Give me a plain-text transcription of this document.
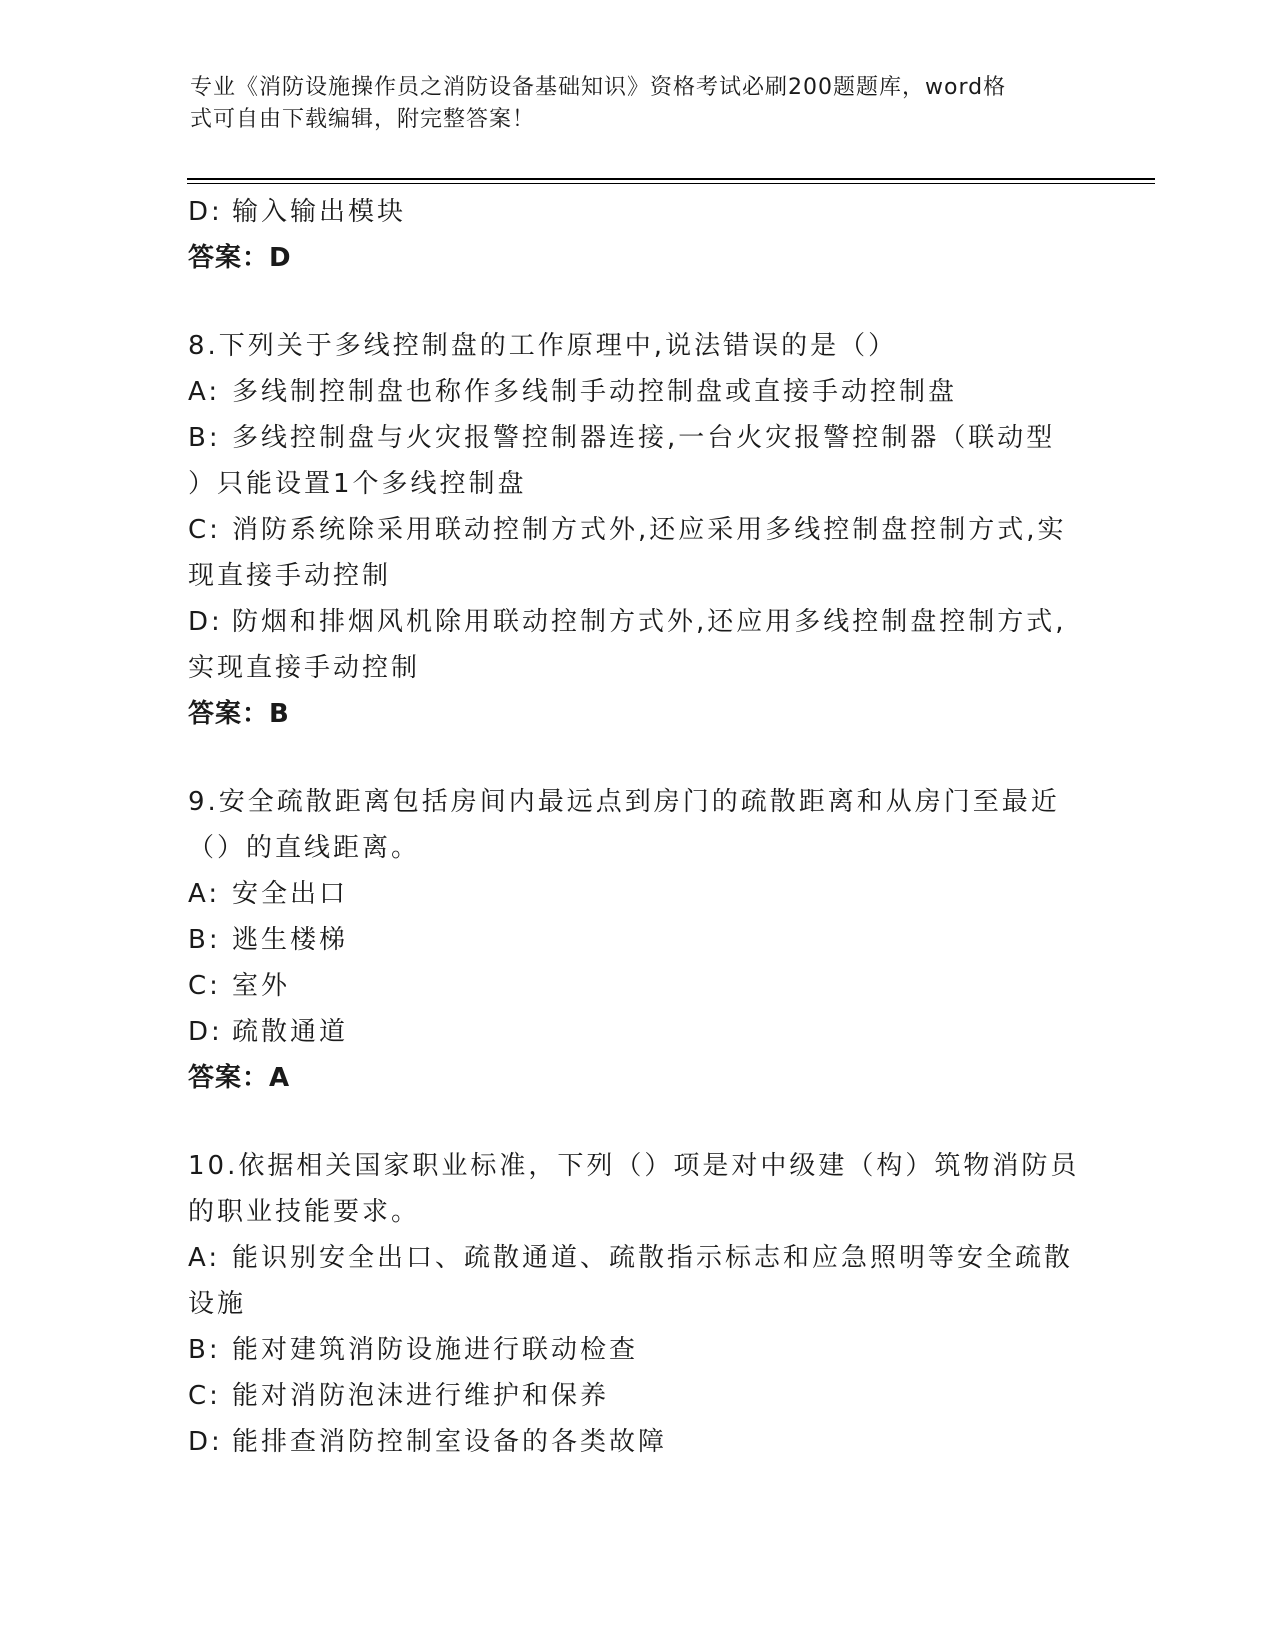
专业《消防设施操作员之消防设备基础知识》资格考试必刷200题题库，word格
式可自由下载编辑，附完整答案！
D: 输入输出模块
答案：D
8.下列关于多线控制盘的工作原理中,说法错误的是（）
A: 多线制控制盘也称作多线制手动控制盘或直接手动控制盘
B: 多线控制盘与火灾报警控制器连接,一台火灾报警控制器（联动型
）只能设置1个多线控制盘
C: 消防系统除采用联动控制方式外,还应采用多线控制盘控制方式,实
现直接手动控制
D: 防烟和排烟风机除用联动控制方式外,还应用多线控制盘控制方式,
实现直接手动控制
答案：B
9.安全疏散距离包括房间内最远点到房门的疏散距离和从房门至最近
（）的直线距离。
A: 安全出口
B: 逃生楼梯
C: 室外
D: 疏散通道
答案：A
10.依据相关国家职业标准，下列（）项是对中级建（构）筑物消防员
的职业技能要求。
A: 能识别安全出口、疏散通道、疏散指示标志和应急照明等安全疏散
设施
B: 能对建筑消防设施进行联动检查
C: 能对消防泡沫进行维护和保养
D: 能排查消防控制室设备的各类故障
